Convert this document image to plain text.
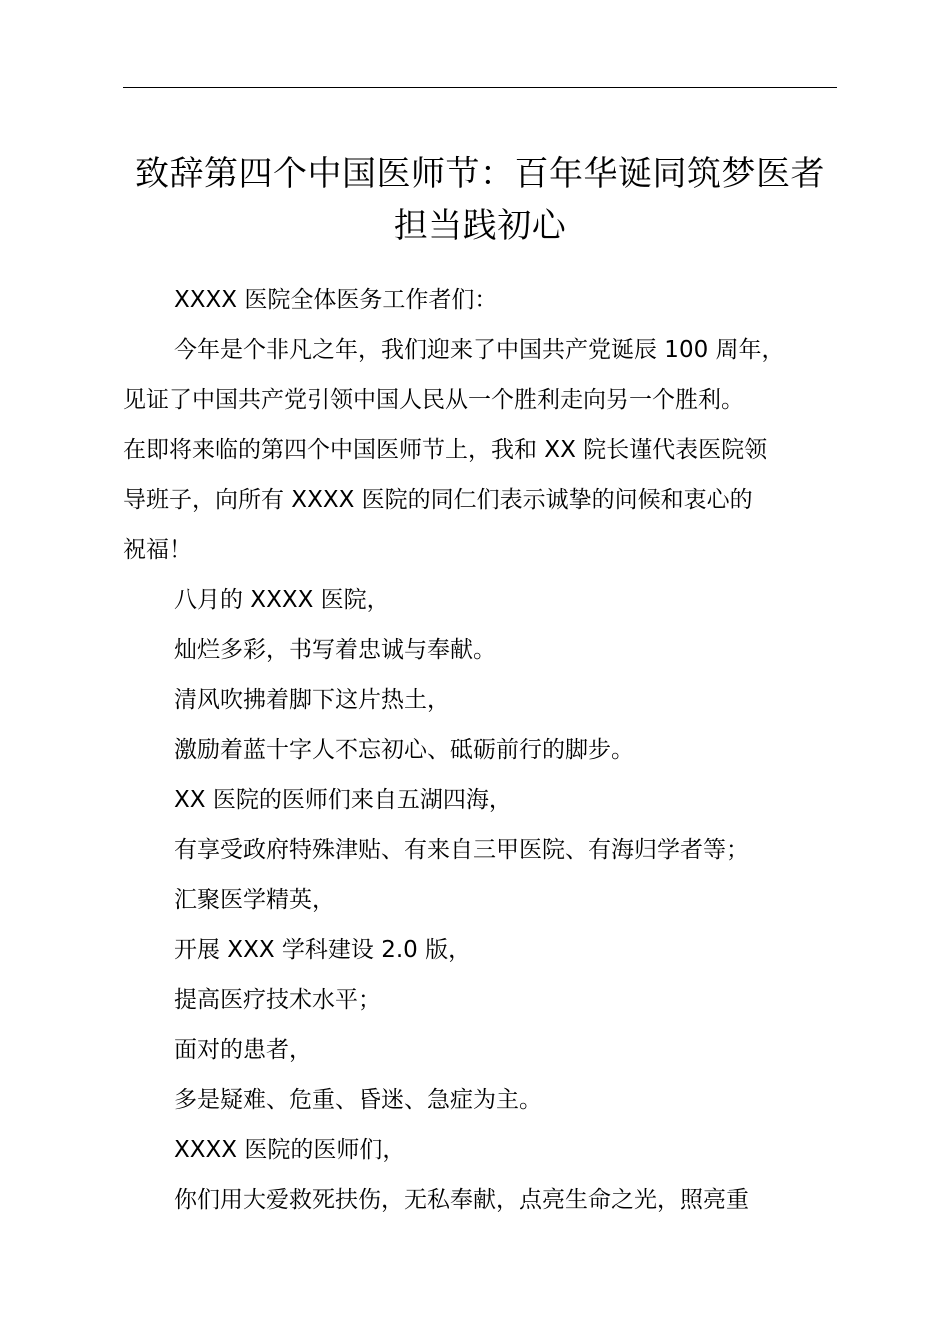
致辞第四个中国医师节：百年华诞同筑梦医者
担当践初心

XXXX 医院全体医务工作者们：

今年是个非凡之年，我们迎来了中国共产党诞辰 100 周年，
见证了中国共产党引领中国人民从一个胜利走向另一个胜利。
在即将来临的第四个中国医师节上，我和 XX 院长谨代表医院领
导班子，向所有 XXXX 医院的同仁们表示诚挚的问候和衷心的
祝福！

八月的 XXXX 医院，

灿烂多彩，书写着忠诚与奉献。

清风吹拂着脚下这片热土，

激励着蓝十字人不忘初心、砥砺前行的脚步。

XX 医院的医师们来自五湖四海，

有享受政府特殊津贴、有来自三甲医院、有海归学者等；

汇聚医学精英，

开展 XXX 学科建设 2.0 版，

提高医疗技术水平；

面对的患者，

多是疑难、危重、昏迷、急症为主。

XXXX 医院的医师们，

你们用大爱救死扶伤，无私奉献，点亮生命之光，照亮重
